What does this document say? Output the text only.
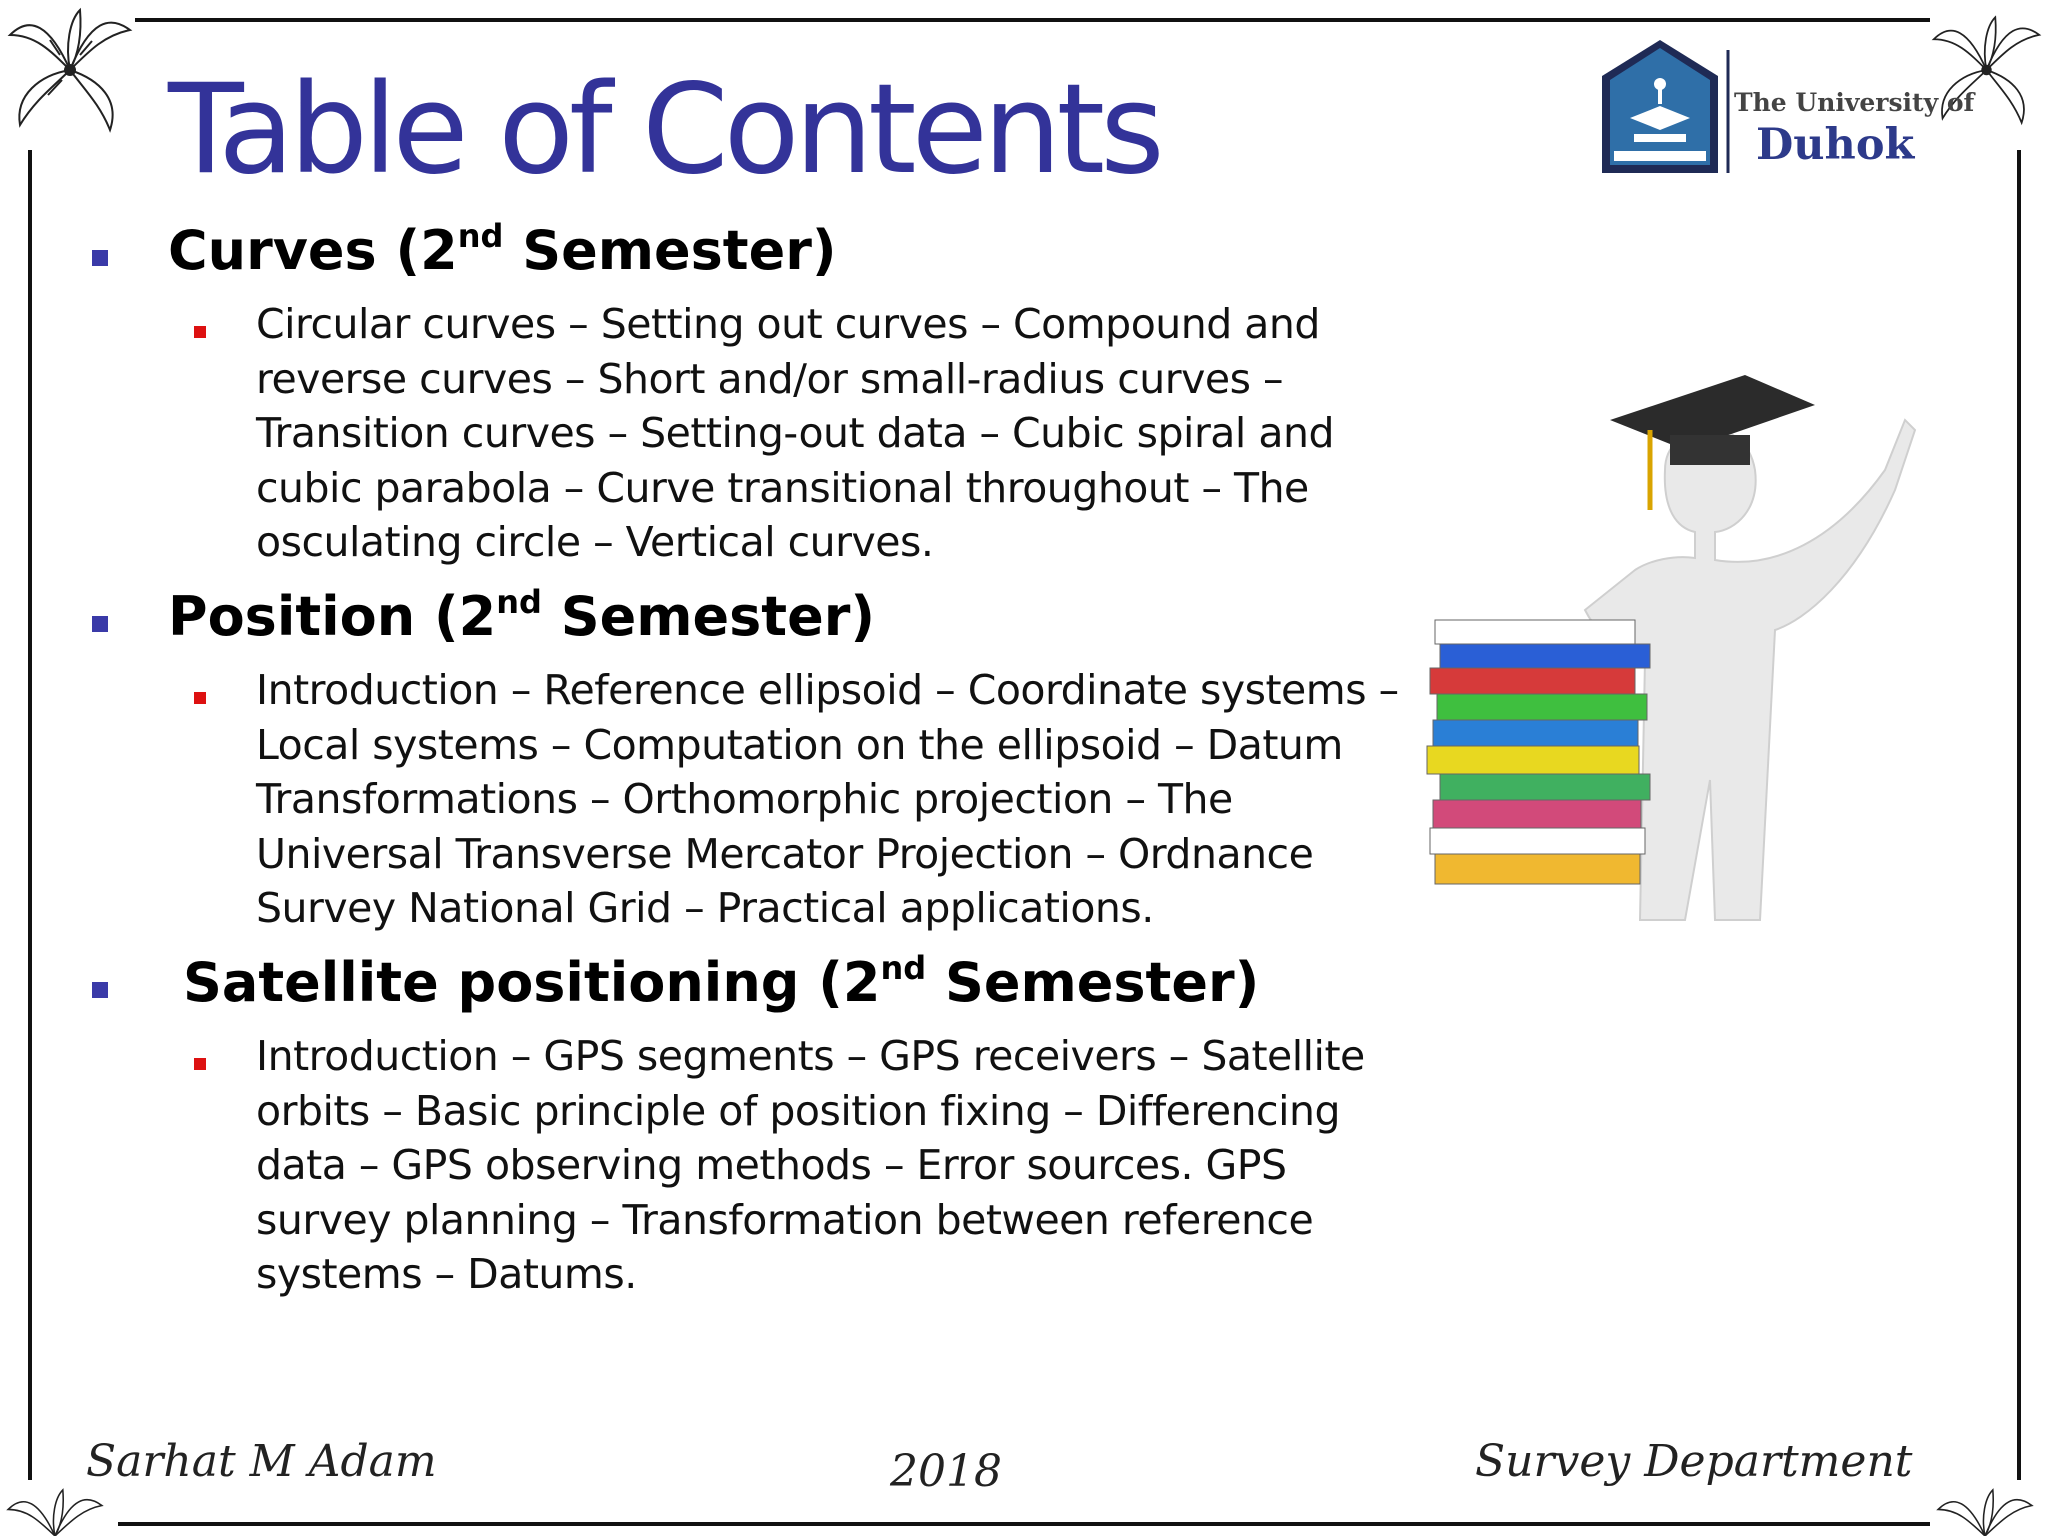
Table of Contents	The University of
Duhok
Curves (2nd Semester)

Circular curves – Setting out curves – Compound and reverse curves – Short and/or small-radius curves – Transition curves – Setting-out data – Cubic spiral and cubic parabola – Curve transitional throughout – The osculating circle – Vertical curves.

Position (2nd Semester)

Introduction – Reference ellipsoid – Coordinate systems – Local systems – Computation on the ellipsoid – Datum Transformations – Orthomorphic projection – The Universal Transverse Mercator Projection – Ordnance Survey National Grid – Practical applications.

Satellite positioning (2nd Semester)

Introduction – GPS segments – GPS receivers – Satellite orbits – Basic principle of position fixing – Differencing data – GPS observing methods – Error sources. GPS survey planning – Transformation between reference systems – Datums.

Sarhat M Adam	2018	Survey Department
